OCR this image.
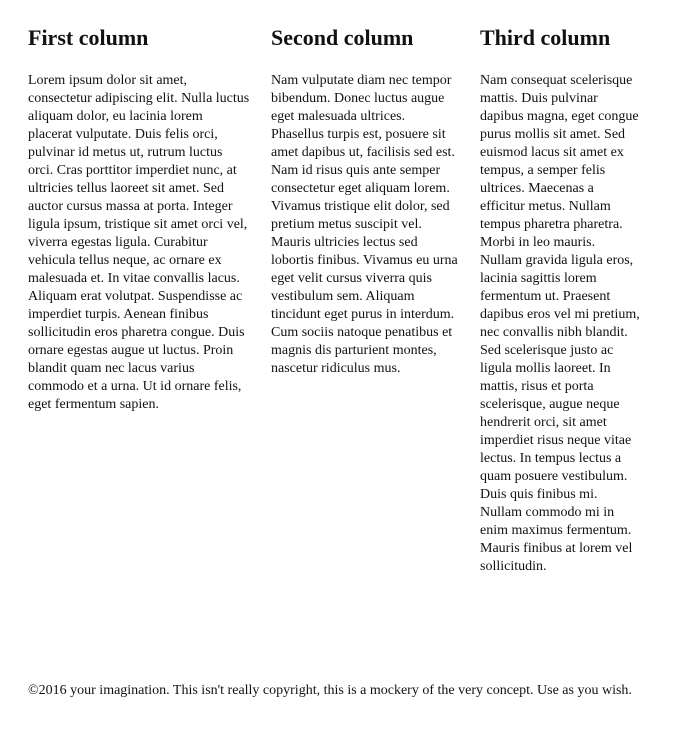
First column

Lorem ipsum dolor sit amet, consectetur adipiscing elit. Nulla luctus aliquam dolor, eu lacinia lorem placerat vulputate. Duis felis orci, pulvinar id metus ut, rutrum luctus orci. Cras porttitor imperdiet nunc, at ultricies tellus laoreet sit amet. Sed auctor cursus massa at porta. Integer ligula ipsum, tristique sit amet orci vel, viverra egestas ligula. Curabitur vehicula tellus neque, ac ornare ex malesuada et. In vitae convallis lacus. Aliquam erat volutpat. Suspendisse ac imperdiet turpis. Aenean finibus sollicitudin eros pharetra congue. Duis ornare egestas augue ut luctus. Proin blandit quam nec lacus varius commodo et a urna. Ut id ornare felis, eget fermentum sapien.

Second column

Nam vulputate diam nec tempor bibendum. Donec luctus augue eget malesuada ultrices. Phasellus turpis est, posuere sit amet dapibus ut, facilisis sed est. Nam id risus quis ante semper consectetur eget aliquam lorem. Vivamus tristique elit dolor, sed pretium metus suscipit vel. Mauris ultricies lectus sed lobortis finibus. Vivamus eu urna eget velit cursus viverra quis vestibulum sem. Aliquam tincidunt eget purus in interdum. Cum sociis natoque penatibus et magnis dis parturient montes, nascetur ridiculus mus.

Third column

Nam consequat scelerisque mattis. Duis pulvinar dapibus magna, eget congue purus mollis sit amet. Sed euismod lacus sit amet ex tempus, a semper felis ultrices. Maecenas a efficitur metus. Nullam tempus pharetra pharetra. Morbi in leo mauris. Nullam gravida ligula eros, lacinia sagittis lorem fermentum ut. Praesent dapibus eros vel mi pretium, nec convallis nibh blandit. Sed scelerisque justo ac ligula mollis laoreet. In mattis, risus et porta scelerisque, augue neque hendrerit orci, sit amet imperdiet risus neque vitae lectus. In tempus lectus a quam posuere vestibulum. Duis quis finibus mi. Nullam commodo mi in enim maximus fermentum. Mauris finibus at lorem vel sollicitudin.

©2016 your imagination. This isn't really copyright, this is a mockery of the very concept. Use as you wish.
